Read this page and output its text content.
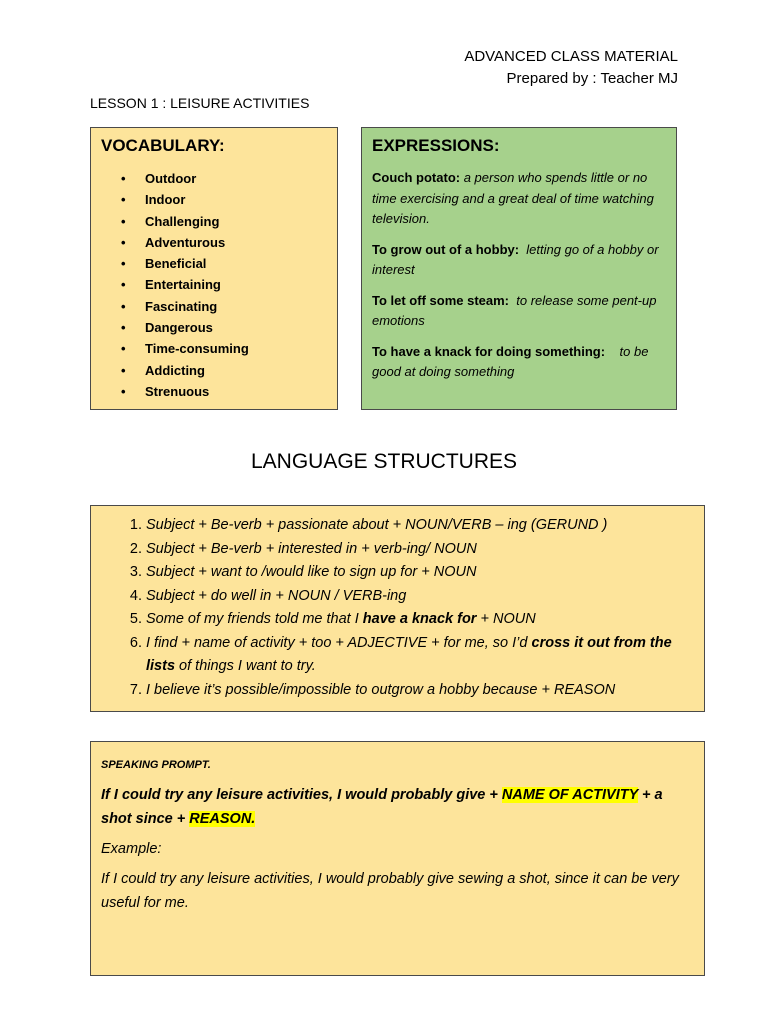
ADVANCED CLASS MATERIAL
Prepared by : Teacher MJ
LESSON 1 : LEISURE ACTIVITIES
VOCABULARY:
• Outdoor
• Indoor
• Challenging
• Adventurous
• Beneficial
• Entertaining
• Fascinating
• Dangerous
• Time-consuming
• Addicting
• Strenuous
EXPRESSIONS:
Couch potato: a person who spends little or no time exercising and a great deal of time watching television.
To grow out of a hobby: letting go of a hobby or interest
To let off some steam: to release some pent-up emotions
To have a knack for doing something: to be good at doing something
LANGUAGE STRUCTURES
1. Subject + Be-verb + passionate about + NOUN/VERB – ing (GERUND )
2. Subject + Be-verb + interested in + verb-ing/ NOUN
3. Subject + want to /would like to sign up for + NOUN
4. Subject + do well in + NOUN / VERB-ing
5. Some of my friends told me that I have a knack for + NOUN
6. I find + name of activity + too + ADJECTIVE + for me, so I’d cross it out from the lists of things I want to try.
7. I believe it’s possible/impossible to outgrow a hobby because + REASON
SPEAKING PROMPT.
If I could try any leisure activities, I would probably give + NAME OF ACTIVITY + a shot since + REASON.
Example:
If I could try any leisure activities, I would probably give sewing a shot, since it can be very useful for me.
